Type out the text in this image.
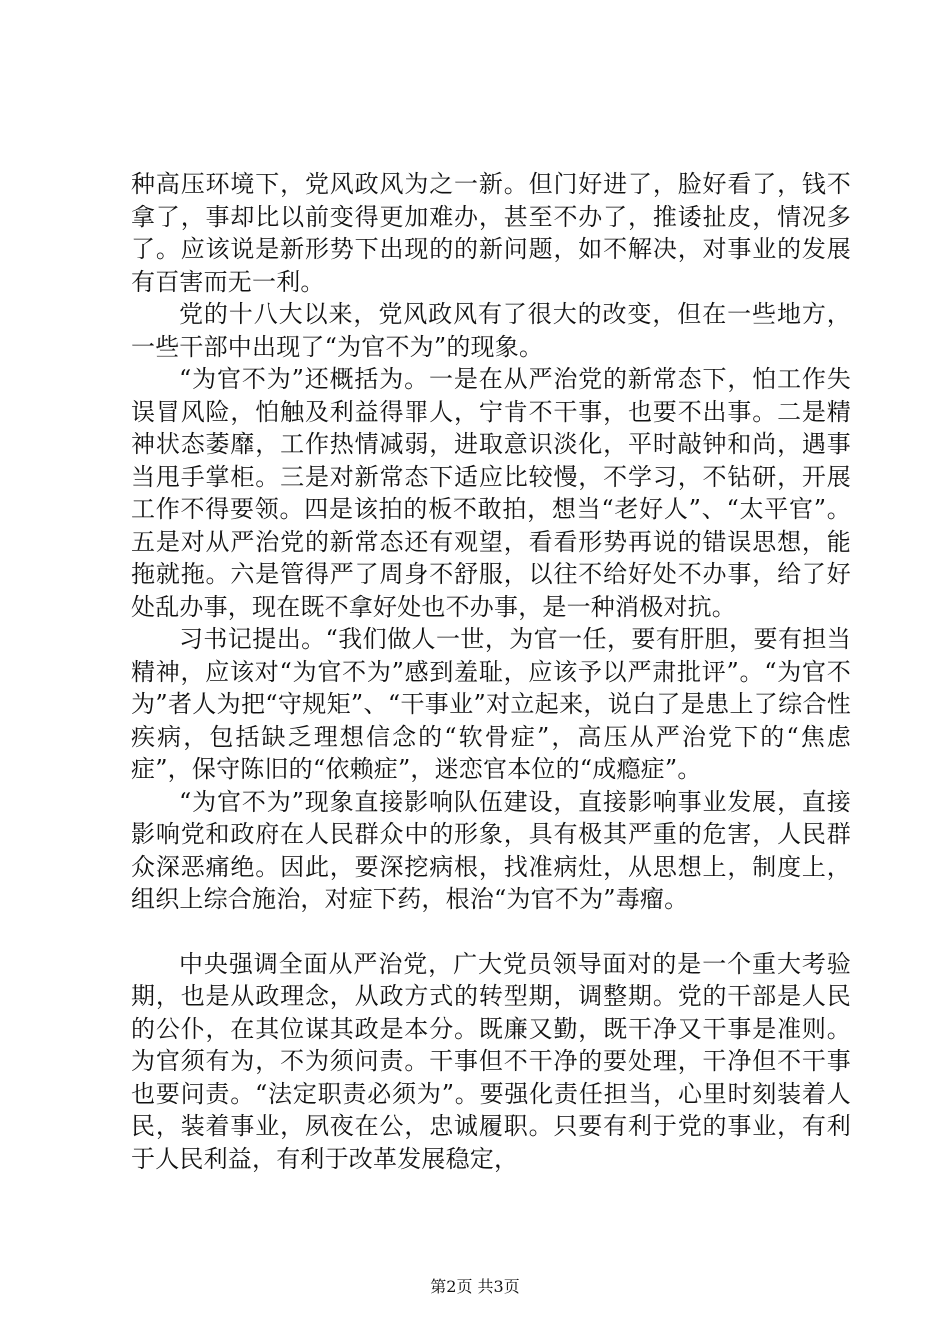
种高压环境下，党风政风为之一新。但门好进了，脸好看了，钱不拿了，事却比以前变得更加难办，甚至不办了，推诿扯皮，情况多了。应该说是新形势下出现的的新问题，如不解决，对事业的发展有百害而无一利。

党的十八大以来，党风政风有了很大的改变，但在一些地方，一些干部中出现了“为官不为”的现象。

“为官不为”还概括为。一是在从严治党的新常态下，怕工作失误冒风险，怕触及利益得罪人，宁肯不干事，也要不出事。二是精神状态萎靡，工作热情减弱，进取意识淡化，平时敲钟和尚，遇事当甩手掌柜。三是对新常态下适应比较慢，不学习，不钻研，开展工作不得要领。四是该拍的板不敢拍，想当“老好人”、“太平官”。五是对从严治党的新常态还有观望，看看形势再说的错误思想，能拖就拖。六是管得严了周身不舒服，以往不给好处不办事，给了好处乱办事，现在既不拿好处也不办事，是一种消极对抗。

习书记提出。“我们做人一世，为官一任，要有肝胆，要有担当精神，应该对“为官不为”感到羞耻，应该予以严肃批评”。“为官不为”者人为把“守规矩”、“干事业”对立起来，说白了是患上了综合性疾病，包括缺乏理想信念的“软骨症”，高压从严治党下的“焦虑症”，保守陈旧的“依赖症”，迷恋官本位的“成瘾症”。

“为官不为”现象直接影响队伍建设，直接影响事业发展，直接影响党和政府在人民群众中的形象，具有极其严重的危害，人民群众深恶痛绝。因此，要深挖病根，找准病灶，从思想上，制度上，组织上综合施治，对症下药，根治“为官不为”毒瘤。

中央强调全面从严治党，广大党员领导面对的是一个重大考验期，也是从政理念，从政方式的转型期，调整期。党的干部是人民的公仆，在其位谋其政是本分。既廉又勤，既干净又干事是准则。为官须有为，不为须问责。干事但不干净的要处理，干净但不干事也要问责。“法定职责必须为”。要强化责任担当，心里时刻装着人民，装着事业，夙夜在公，忠诚履职。只要有利于党的事业，有利于人民利益，有利于改革发展稳定，

第2页 共3页
